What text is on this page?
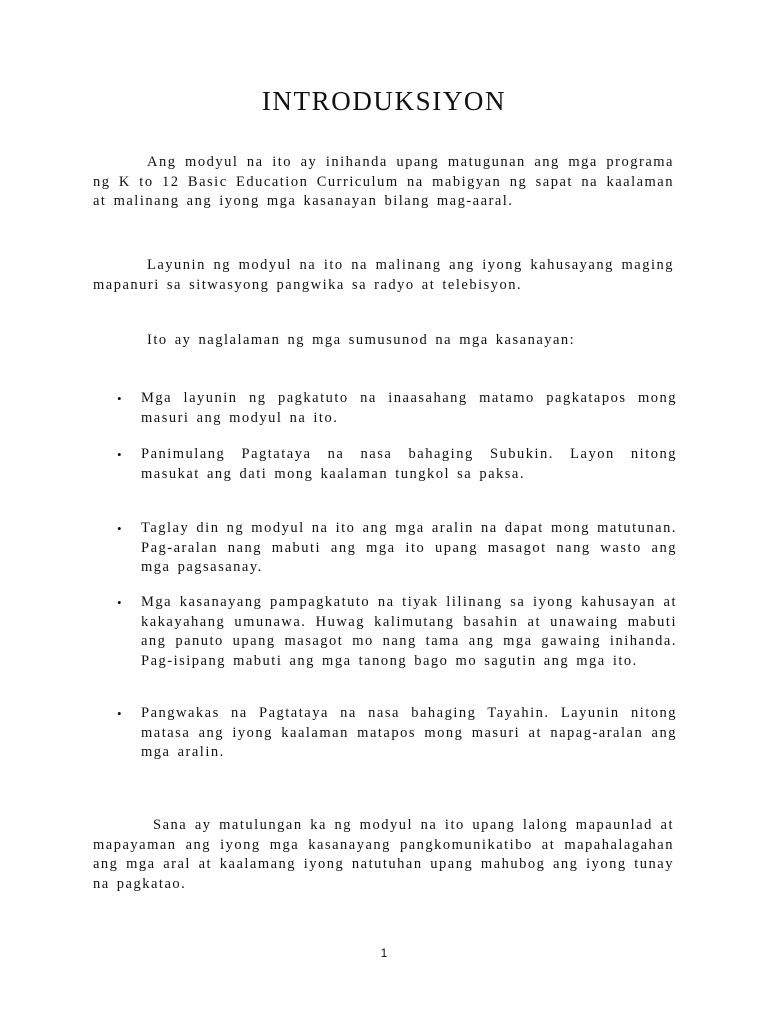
INTRODUKSIYON

Ang modyul na ito ay inihanda upang matugunan ang mga programa ng K to 12 Basic Education Curriculum na mabigyan ng sapat na kaalaman at malinang ang iyong mga kasanayan bilang mag-aaral.

Layunin ng modyul na ito na malinang ang iyong kahusayang maging mapanuri sa sitwasyong pangwika sa radyo at telebisyon.

Ito ay naglalaman ng mga sumusunod na mga kasanayan:

•	Mga layunin ng pagkatuto na inaasahang matamo pagkatapos mong masuri ang modyul na ito.
•	Panimulang Pagtataya na nasa bahaging Subukin. Layon nitong masukat ang dati mong kaalaman tungkol sa paksa.
•	Taglay din ng modyul na ito ang mga aralin na dapat mong matutunan. Pag-aralan nang mabuti ang mga ito upang masagot nang wasto ang mga pagsasanay.
•	Mga kasanayang pampagkatuto na tiyak lilinang sa iyong kahusayan at kakayahang umunawa. Huwag kalimutang basahin at unawaing mabuti ang panuto upang masagot mo nang tama ang mga gawaing inihanda. Pag-isipang mabuti ang mga tanong bago mo sagutin ang mga ito.
•	Pangwakas na Pagtataya na nasa bahaging Tayahin. Layunin nitong matasa ang iyong kaalaman matapos mong masuri at napag-aralan ang mga aralin.

Sana ay matulungan ka ng modyul na ito upang lalong mapaunlad at mapayaman ang iyong mga kasanayang pangkomunikatibo at mapahalagahan ang mga aral at kaalamang iyong natutuhan upang mahubog ang iyong tunay na pagkatao.

1
